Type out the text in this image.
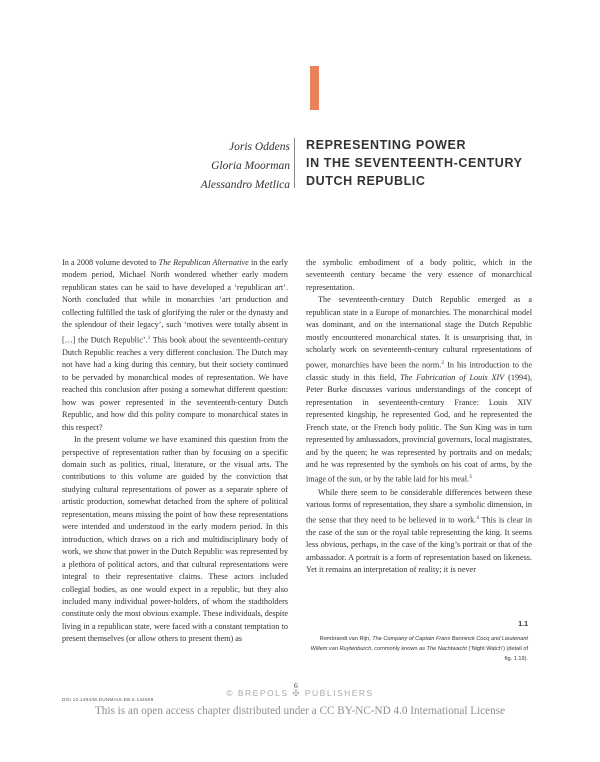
Joris Oddens
Gloria Moorman
Alessandro Metlica
REPRESENTING POWER
IN THE SEVENTEENTH-CENTURY
DUTCH REPUBLIC

In a 2008 volume devoted to The Republican Alternative in the early modern period, Michael North wondered whether early modern republican states can be said to have developed a ‘republican art’. North concluded that while in monarchies ‘art production and collecting fulfilled the task of glorifying the ruler or the dynasty and the splendour of their legacy’, such ‘motives were totally absent in […] the Dutch Republic’.$^1$ This book about the seventeenth-century Dutch Republic reaches a very different conclusion. The Dutch may not have had a king during this century, but their society continued to be pervaded by monarchical modes of representation. We have reached this conclusion after posing a somewhat different question: how was power represented in the seventeenth-century Dutch Republic, and how did this polity compare to monarchical states in this respect?

In the present volume we have examined this question from the perspective of representation rather than by focusing on a specific domain such as politics, ritual, literature, or the visual arts. The contributions to this volume are guided by the conviction that studying cultural representations of power as a separate sphere of artistic production, somewhat detached from the sphere of political representation, means missing the point of how these representations were intended and understood in the early modern period. In this introduction, which draws on a rich and multidisciplinary body of work, we show that power in the Dutch Republic was represented by a plethora of political actors, and that cultural representations were integral to their representative claims. These actors included collegial bodies, as one would expect in a republic, but they also included many individual power-holders, of whom the stadtholders constitute only the most obvious example. These individuals, despite living in a republican state, were faced with a constant temptation to present themselves (or allow others to present them) as

the symbolic embodiment of a body politic, which in the seventeenth century became the very essence of monarchical representation.

The seventeenth-century Dutch Republic emerged as a republican state in a Europe of monarchies. The monarchical model was dominant, and on the international stage the Dutch Republic mostly encountered monarchical states. It is unsurprising that, in scholarly work on seventeenth-century cultural representations of power, monarchies have been the norm.$^2$ In his introduction to the classic study in this field, The Fabrication of Louis XIV (1994), Peter Burke discusses various understandings of the concept of representation in seventeenth-century France: Louis XIV represented kingship, he represented God, and he represented the French state, or the French body politic. The Sun King was in turn represented by ambassadors, provincial governors, local magistrates, and by the queen; he was represented by portraits and on medals; and he was represented by the symbols on his coat of arms, by the image of the sun, or by the table laid for his meal.$^3$

While there seem to be considerable differences between these various forms of representation, they share a symbolic dimension, in the sense that they need to be believed in to work.$^4$ This is clear in the case of the sun or the royal table representing the king. It seems less obvious, perhaps, in the case of the king’s portrait or that of the ambassador. A portrait is a form of representation based on likeness. Yet it remains an interpretation of reality; it is never

1.1
Rembrandt van Rijn, The Company of Captain Frans Banninck Cocq and Lieutenant Willem van Ruytenburch, commonly known as The Nachtwacht (‘Night Watch’) (detail of fig. 1.19).
6
DOI 10.1484/M.DUNMAIS-EB.5.134669
© BREPOLS ✠ PUBLISHERS
This is an open access chapter distributed under a CC BY-NC-ND 4.0 International License
